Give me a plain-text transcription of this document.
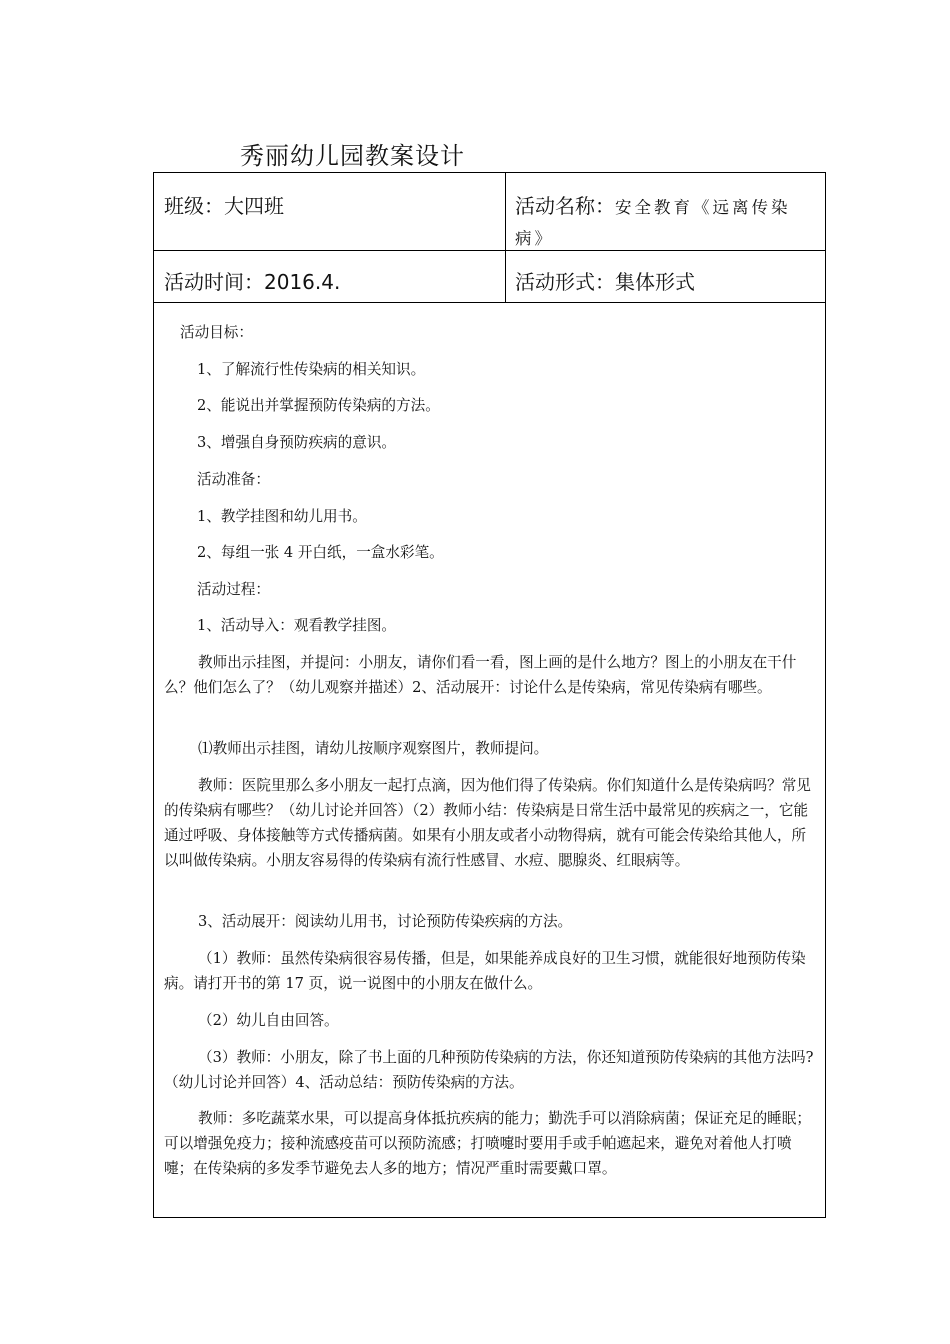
秀丽幼儿园教案设计
班级：大四班	活动名称：安全教育《远离传染
病》
活动时间：2016.4.	活动形式：集体形式
活动目标：
1、了解流行性传染病的相关知识。
2、能说出并掌握预防传染病的方法。
3、增强自身预防疾病的意识。
活动准备：
1、教学挂图和幼儿用书。
2、每组一张 4 开白纸，一盒水彩笔。
活动过程：
1、活动导入：观看教学挂图。
教师出示挂图，并提问：小朋友，请你们看一看，图上画的是什么地方？图上的小朋友在干什么？他们怎么了？（幼儿观察并描述）2、活动展开：讨论什么是传染病，常见传染病有哪些。
⑴教师出示挂图，请幼儿按顺序观察图片，教师提问。
教师：医院里那么多小朋友一起打点滴，因为他们得了传染病。你们知道什么是传染病吗？常见的传染病有哪些？（幼儿讨论并回答）（2）教师小结：传染病是日常生活中最常见的疾病之一，它能通过呼吸、身体接触等方式传播病菌。如果有小朋友或者小动物得病，就有可能会传染给其他人，所以叫做传染病。小朋友容易得的传染病有流行性感冒、水痘、腮腺炎、红眼病等。
3、活动展开：阅读幼儿用书，讨论预防传染疾病的方法。
（1）教师：虽然传染病很容易传播，但是，如果能养成良好的卫生习惯，就能很好地预防传染病。请打开书的第 17 页，说一说图中的小朋友在做什么。
（2）幼儿自由回答。
（3）教师：小朋友，除了书上面的几种预防传染病的方法，你还知道预防传染病的其他方法吗?（幼儿讨论并回答）4、活动总结：预防传染病的方法。
教师：多吃蔬菜水果，可以提高身体抵抗疾病的能力；勤洗手可以消除病菌；保证充足的睡眠；可以增强免疫力；接种流感疫苗可以预防流感；打喷嚏时要用手或手帕遮起来，避免对着他人打喷嚏；在传染病的多发季节避免去人多的地方；情况严重时需要戴口罩。
